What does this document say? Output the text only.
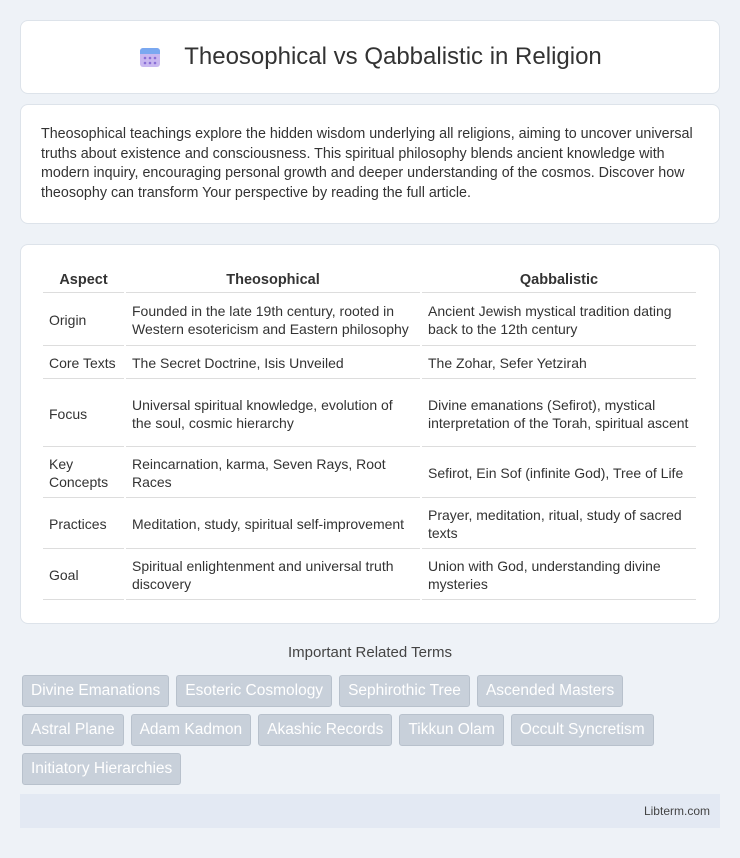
Theosophical vs Qabbalistic in Religion

Theosophical teachings explore the hidden wisdom underlying all religions, aiming to uncover universal truths about existence and consciousness. This spiritual philosophy blends ancient knowledge with modern inquiry, encouraging personal growth and deeper understanding of the cosmos. Discover how theosophy can transform Your perspective by reading the full article.

Aspect	Theosophical	Qabbalistic
Origin	Founded in the late 19th century, rooted in Western esotericism and Eastern philosophy	Ancient Jewish mystical tradition dating back to the 12th century
Core Texts	The Secret Doctrine, Isis Unveiled	The Zohar, Sefer Yetzirah
Focus	Universal spiritual knowledge, evolution of the soul, cosmic hierarchy	Divine emanations (Sefirot), mystical interpretation of the Torah, spiritual ascent
Key Concepts	Reincarnation, karma, Seven Rays, Root Races	Sefirot, Ein Sof (infinite God), Tree of Life
Practices	Meditation, study, spiritual self-improvement	Prayer, meditation, ritual, study of sacred texts
Goal	Spiritual enlightenment and universal truth discovery	Union with God, understanding divine mysteries
Important Related Terms
Divine Emanations	Esoteric Cosmology	Sephirothic Tree	Ascended Masters
Astral Plane	Adam Kadmon	Akashic Records	Tikkun Olam	Occult Syncretism
Initiatory Hierarchies
Libterm.com
